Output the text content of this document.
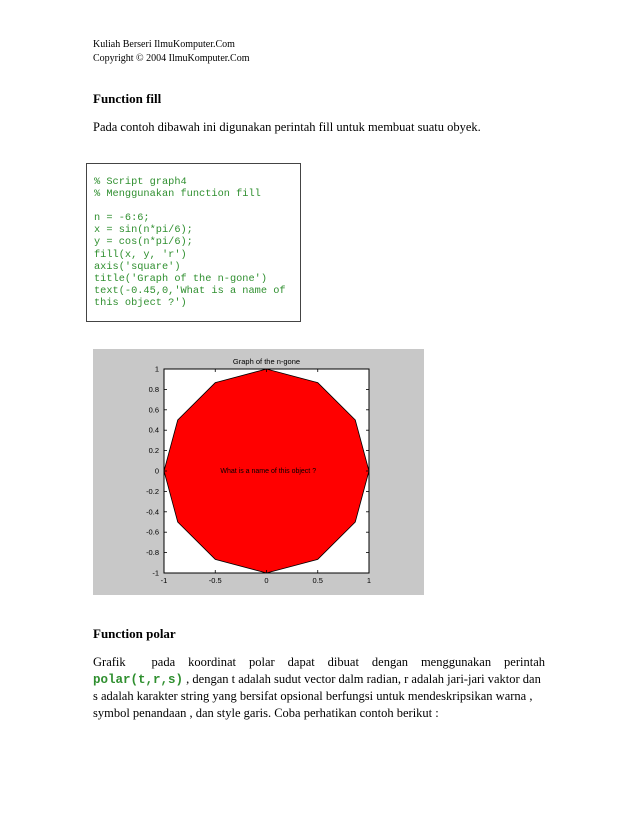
Kuliah Berseri IlmuKomputer.Com
Copyright © 2004 IlmuKomputer.Com
Function fill
Pada contoh dibawah ini digunakan perintah fill untuk membuat suatu obyek.
% Script graph4
% Menggunakan function fill

n = -6:6;
x = sin(n*pi/6);
y = cos(n*pi/6);
fill(x, y, 'r')
axis('square')
title('Graph of the n-gone')
text(-0.45,0,'What is a name of
this object ?')
Graph of the n-gone
What is a name of this object ?
-1	-0.5	0	0.5	1
1
0.8
0.6
0.4
0.2
0
-0.2
-0.4
-0.6
-0.8
-1
Function polar
Grafik    pada  koordinat  polar  dapat  dibuat  dengan  menggunakan  perintah
polar(t,r,s) , dengan t adalah sudut vector dalm radian, r adalah jari-jari vaktor dan
s adalah karakter string yang bersifat opsional berfungsi untuk mendeskripsikan warna ,
symbol penandaan , dan style garis. Coba perhatikan contoh berikut :
